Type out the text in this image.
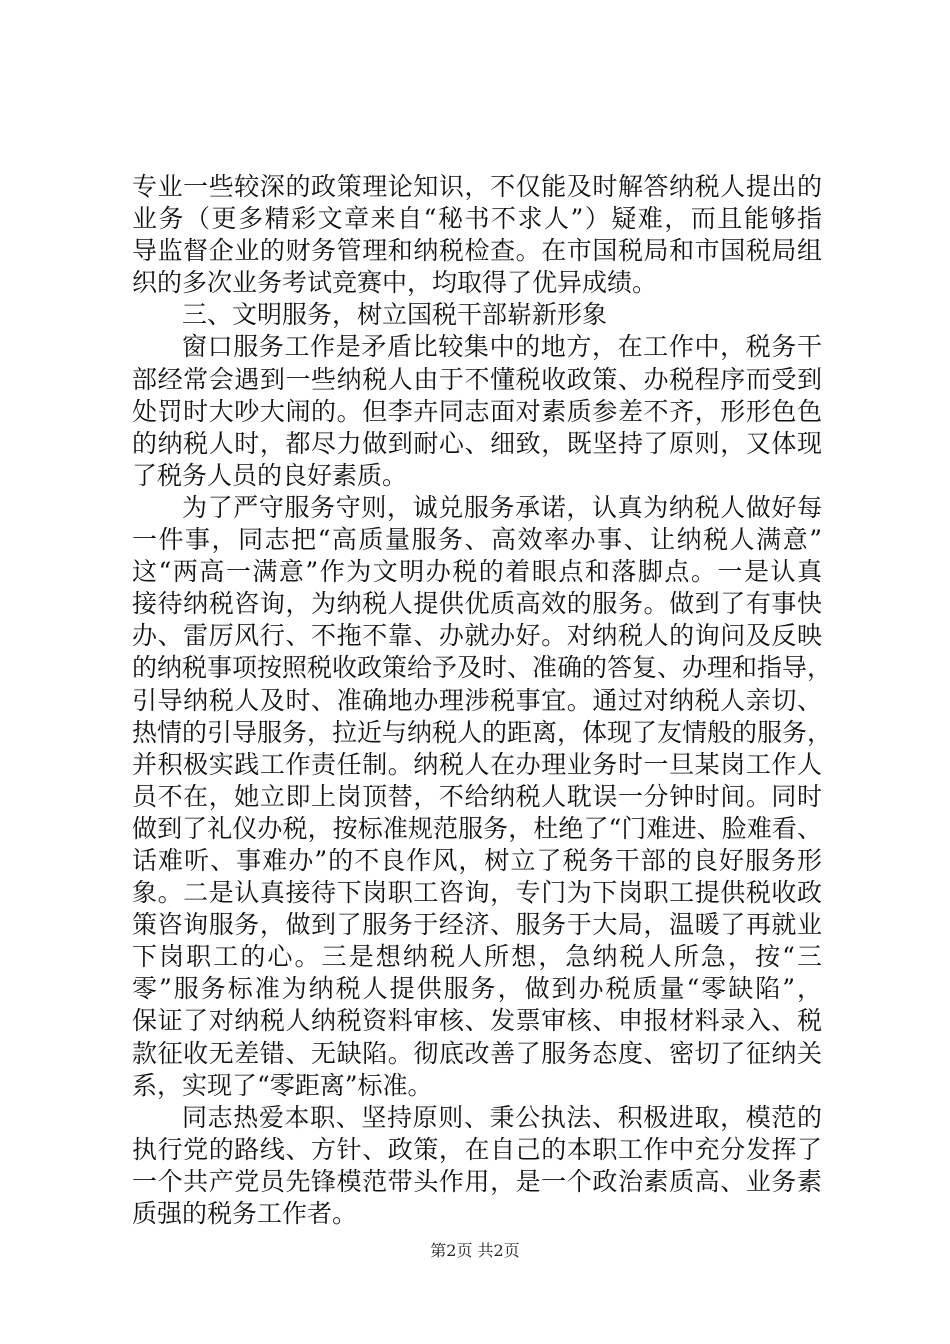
专业一些较深的政策理论知识，不仅能及时解答纳税人提出的
业务（更多精彩文章来自“秘书不求人”）疑难，而且能够指
导监督企业的财务管理和纳税检查。在市国税局和市国税局组
织的多次业务考试竞赛中，均取得了优异成绩。
三、文明服务，树立国税干部崭新形象
窗口服务工作是矛盾比较集中的地方，在工作中，税务干
部经常会遇到一些纳税人由于不懂税收政策、办税程序而受到
处罚时大吵大闹的。但李卉同志面对素质参差不齐，形形色色
的纳税人时，都尽力做到耐心、细致，既坚持了原则，又体现
了税务人员的良好素质。
为了严守服务守则，诚兑服务承诺，认真为纳税人做好每
一件事，同志把“高质量服务、高效率办事、让纳税人满意”
这“两高一满意”作为文明办税的着眼点和落脚点。一是认真
接待纳税咨询，为纳税人提供优质高效的服务。做到了有事快
办、雷厉风行、不拖不靠、办就办好。对纳税人的询问及反映
的纳税事项按照税收政策给予及时、准确的答复、办理和指导，
引导纳税人及时、准确地办理涉税事宜。通过对纳税人亲切、
热情的引导服务，拉近与纳税人的距离，体现了友情般的服务，
并积极实践工作责任制。纳税人在办理业务时一旦某岗工作人
员不在，她立即上岗顶替，不给纳税人耽误一分钟时间。同时
做到了礼仪办税，按标准规范服务，杜绝了“门难进、脸难看、
话难听、事难办”的不良作风，树立了税务干部的良好服务形
象。二是认真接待下岗职工咨询，专门为下岗职工提供税收政
策咨询服务，做到了服务于经济、服务于大局，温暖了再就业
下岗职工的心。三是想纳税人所想，急纳税人所急，按“三
零”服务标准为纳税人提供服务，做到办税质量“零缺陷”，
保证了对纳税人纳税资料审核、发票审核、申报材料录入、税
款征收无差错、无缺陷。彻底改善了服务态度、密切了征纳关
系，实现了“零距离”标准。
同志热爱本职、坚持原则、秉公执法、积极进取，模范的
执行党的路线、方针、政策，在自己的本职工作中充分发挥了
一个共产党员先锋模范带头作用，是一个政治素质高、业务素
质强的税务工作者。
第2页 共2页
